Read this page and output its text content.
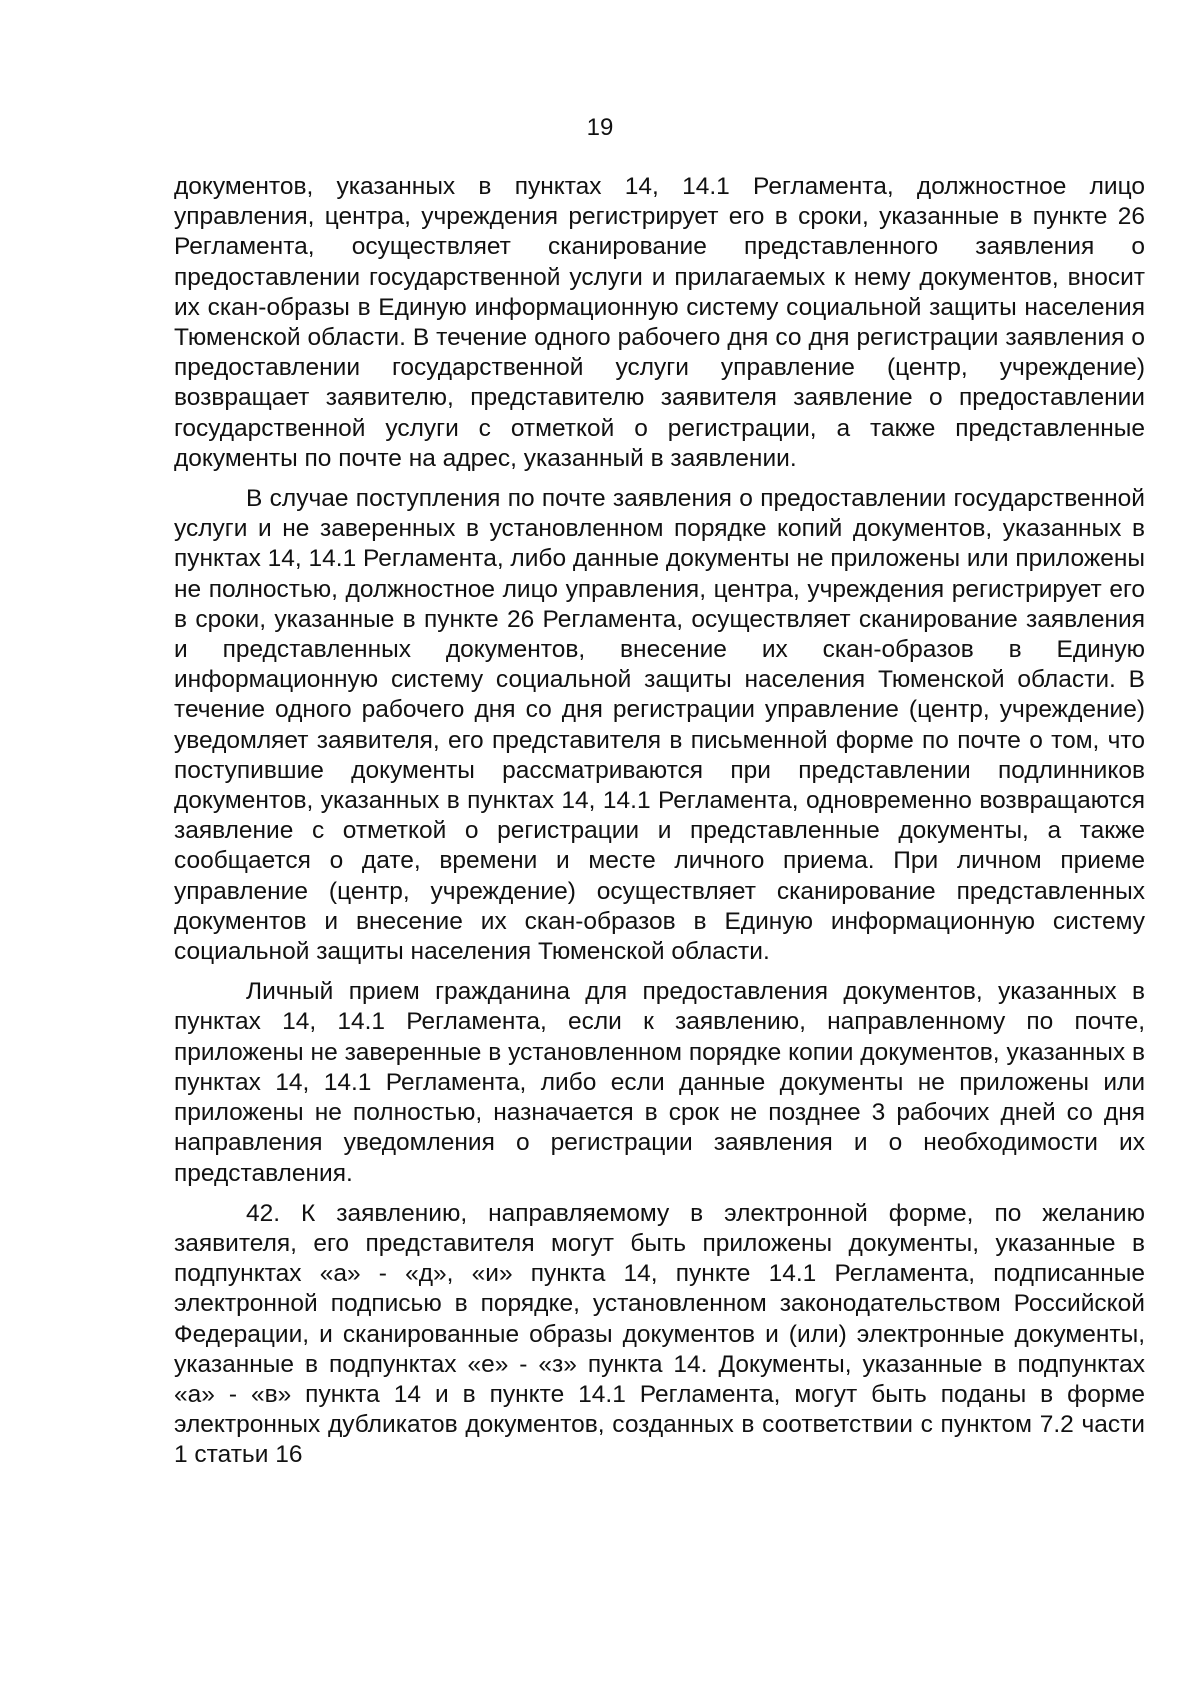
19

документов, указанных в пунктах 14, 14.1 Регламента, должностное лицо управления, центра, учреждения регистрирует его в сроки, указанные в пункте 26 Регламента, осуществляет сканирование представленного заявления о предоставлении государственной услуги и прилагаемых к нему документов, вносит их скан-образы в Единую информационную систему социальной защиты населения Тюменской области. В течение одного рабочего дня со дня регистрации заявления о предоставлении государственной услуги управление (центр, учреждение) возвращает заявителю, представителю заявителя заявление о предоставлении государственной услуги с отметкой о регистрации, а также представленные документы по почте на адрес, указанный в заявлении.

В случае поступления по почте заявления о предоставлении государственной услуги и не заверенных в установленном порядке копий документов, указанных в пунктах 14, 14.1 Регламента, либо данные документы не приложены или приложены не полностью, должностное лицо управления, центра, учреждения регистрирует его в сроки, указанные в пункте 26 Регламента, осуществляет сканирование заявления и представленных документов, внесение их скан-образов в Единую информационную систему социальной защиты населения Тюменской области. В течение одного рабочего дня со дня регистрации управление (центр, учреждение) уведомляет заявителя, его представителя в письменной форме по почте о том, что поступившие документы рассматриваются при представлении подлинников документов, указанных в пунктах 14, 14.1 Регламента, одновременно возвращаются заявление с отметкой о регистрации и представленные документы, а также сообщается о дате, времени и месте личного приема. При личном приеме управление (центр, учреждение) осуществляет сканирование представленных документов и внесение их скан-образов в Единую информационную систему социальной защиты населения Тюменской области.

Личный прием гражданина для предоставления документов, указанных в пунктах 14, 14.1 Регламента, если к заявлению, направленному по почте, приложены не заверенные в установленном порядке копии документов, указанных в пунктах 14, 14.1 Регламента, либо если данные документы не приложены или приложены не полностью, назначается в срок не позднее 3 рабочих дней со дня направления уведомления о регистрации заявления и о необходимости их представления.

42. К заявлению, направляемому в электронной форме, по желанию заявителя, его представителя могут быть приложены документы, указанные в подпунктах «а» - «д», «и» пункта 14, пункте 14.1 Регламента, подписанные электронной подписью в порядке, установленном законодательством Российской Федерации, и сканированные образы документов и (или) электронные документы, указанные в подпунктах «е» - «з» пункта 14. Документы, указанные в подпунктах «а» - «в» пункта 14 и в пункте 14.1 Регламента, могут быть поданы в форме электронных дубликатов документов, созданных в соответствии с пунктом 7.2 части 1 статьи 16
